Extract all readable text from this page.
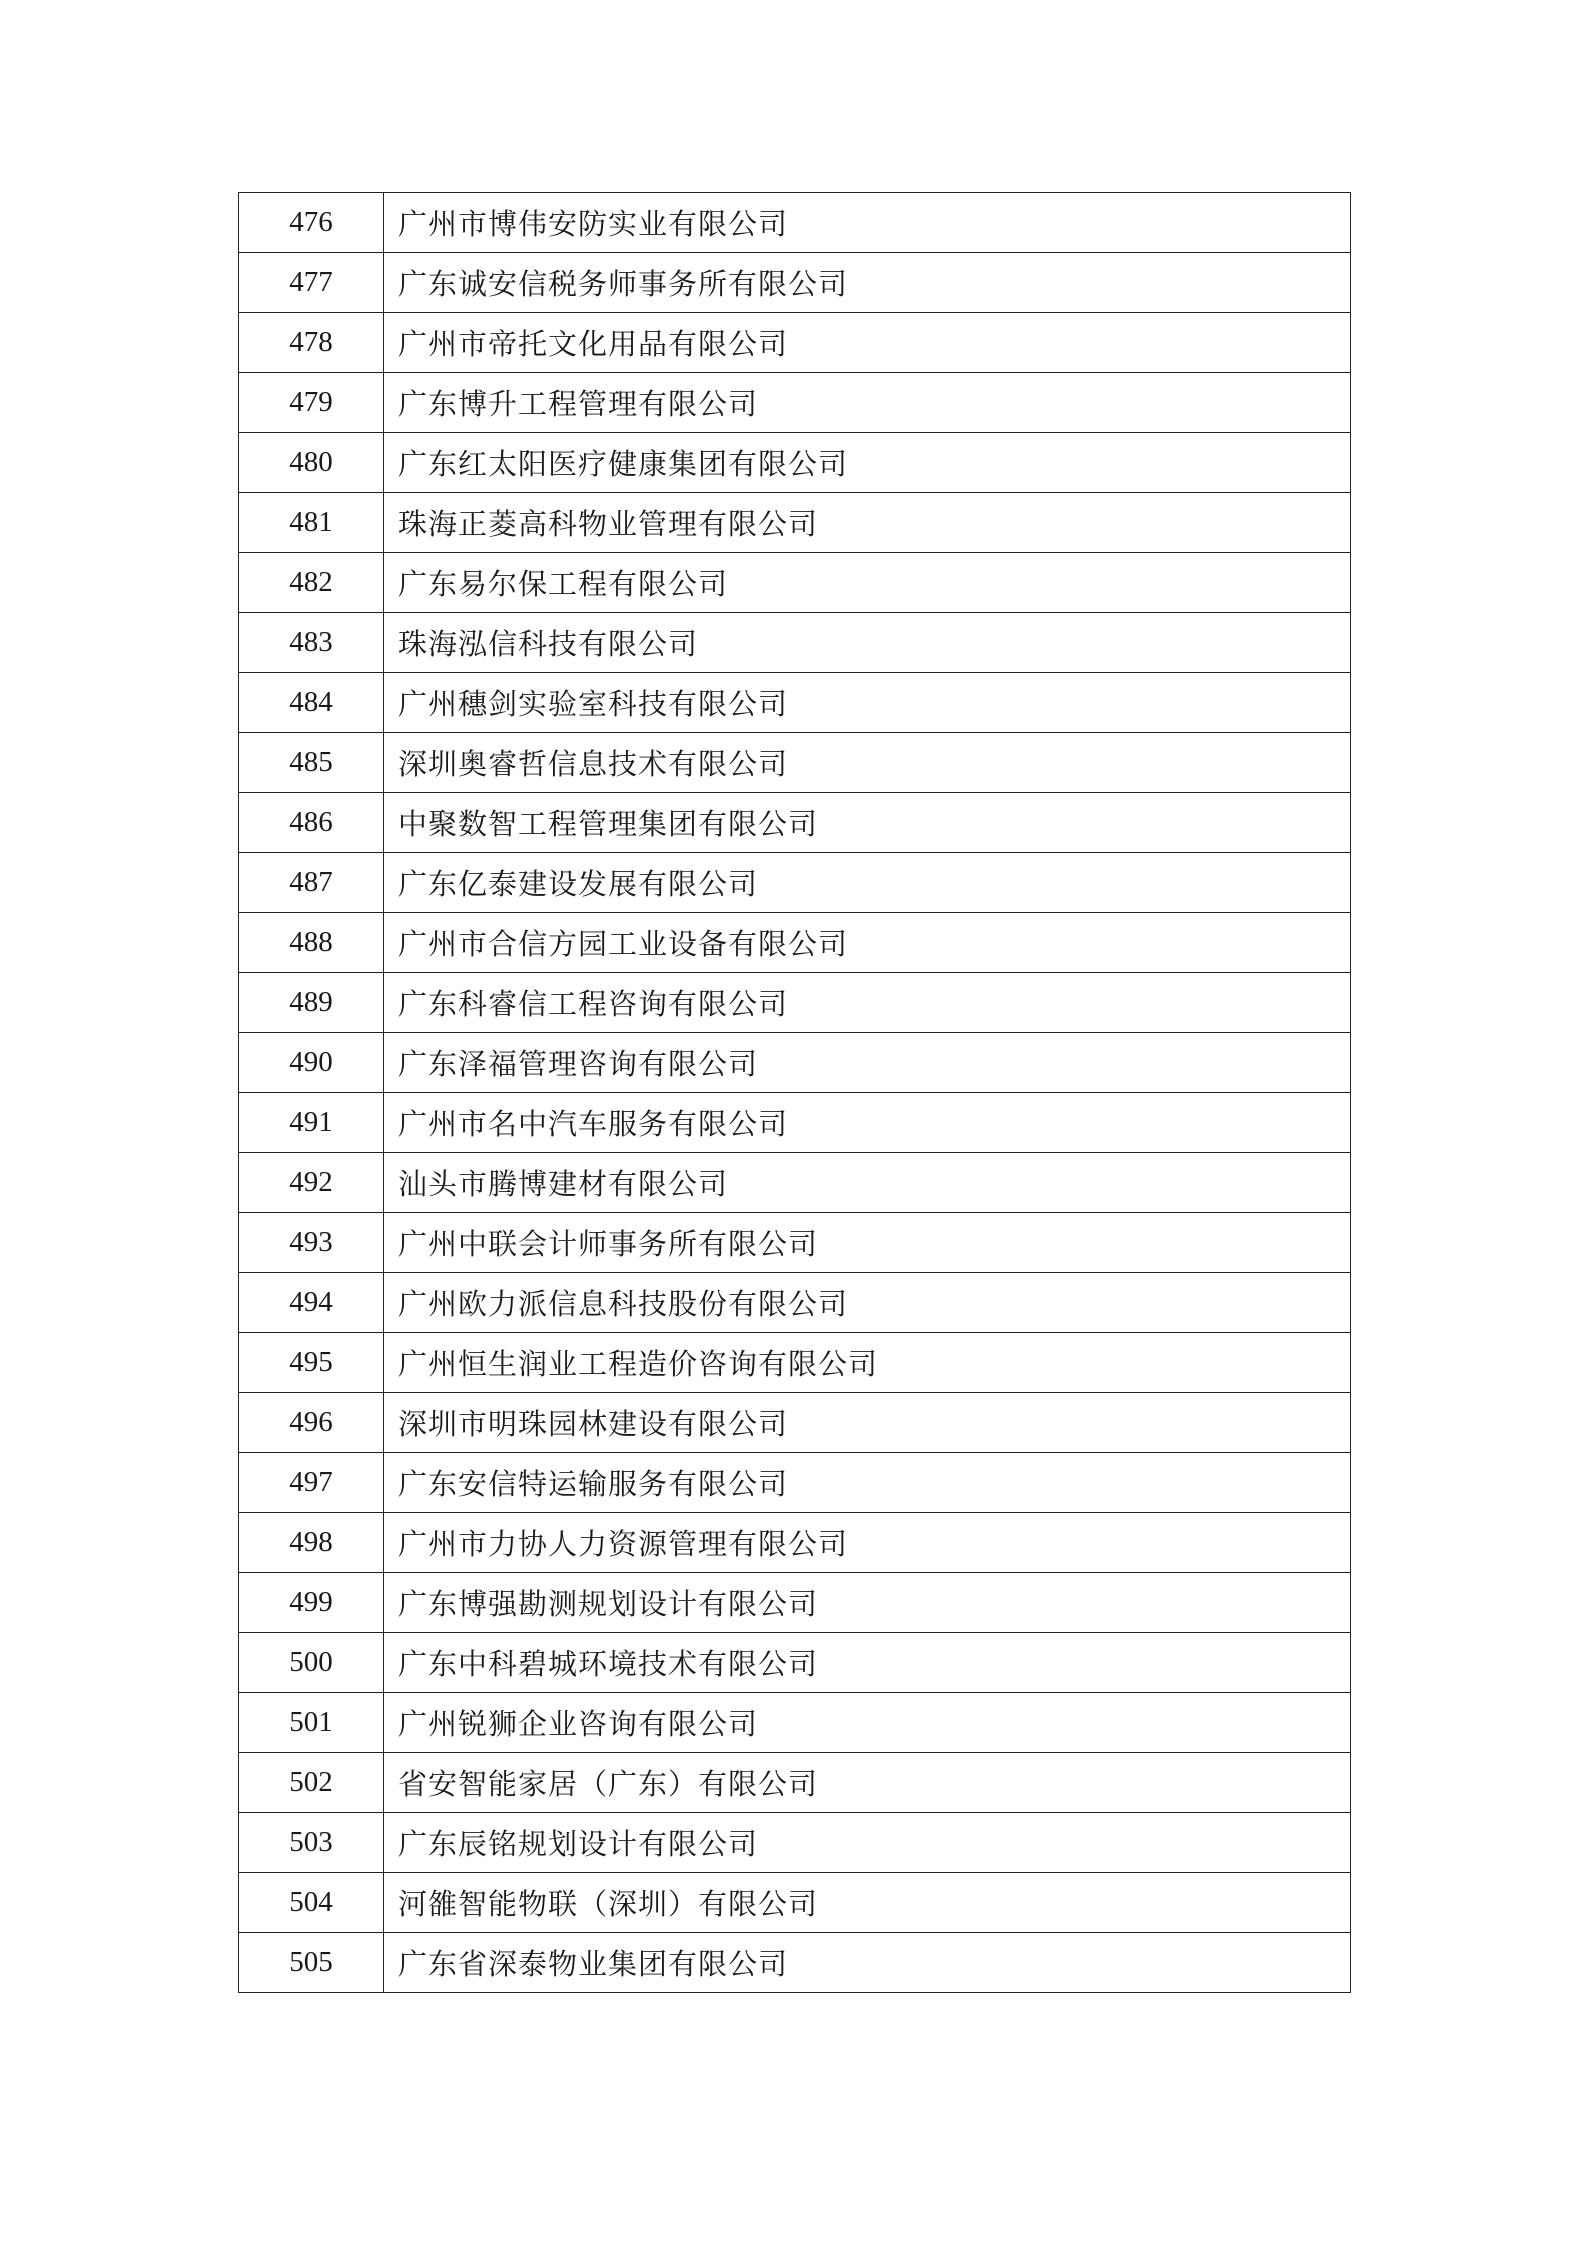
476	广州市博伟安防实业有限公司
477	广东诚安信税务师事务所有限公司
478	广州市帝托文化用品有限公司
479	广东博升工程管理有限公司
480	广东红太阳医疗健康集团有限公司
481	珠海正菱高科物业管理有限公司
482	广东易尔保工程有限公司
483	珠海泓信科技有限公司
484	广州穗剑实验室科技有限公司
485	深圳奥睿哲信息技术有限公司
486	中聚数智工程管理集团有限公司
487	广东亿泰建设发展有限公司
488	广州市合信方园工业设备有限公司
489	广东科睿信工程咨询有限公司
490	广东泽福管理咨询有限公司
491	广州市名中汽车服务有限公司
492	汕头市腾博建材有限公司
493	广州中联会计师事务所有限公司
494	广州欧力派信息科技股份有限公司
495	广州恒生润业工程造价咨询有限公司
496	深圳市明珠园林建设有限公司
497	广东安信特运输服务有限公司
498	广州市力协人力资源管理有限公司
499	广东博强勘测规划设计有限公司
500	广东中科碧城环境技术有限公司
501	广州锐狮企业咨询有限公司
502	省安智能家居（广东）有限公司
503	广东辰铭规划设计有限公司
504	河雒智能物联（深圳）有限公司
505	广东省深泰物业集团有限公司
